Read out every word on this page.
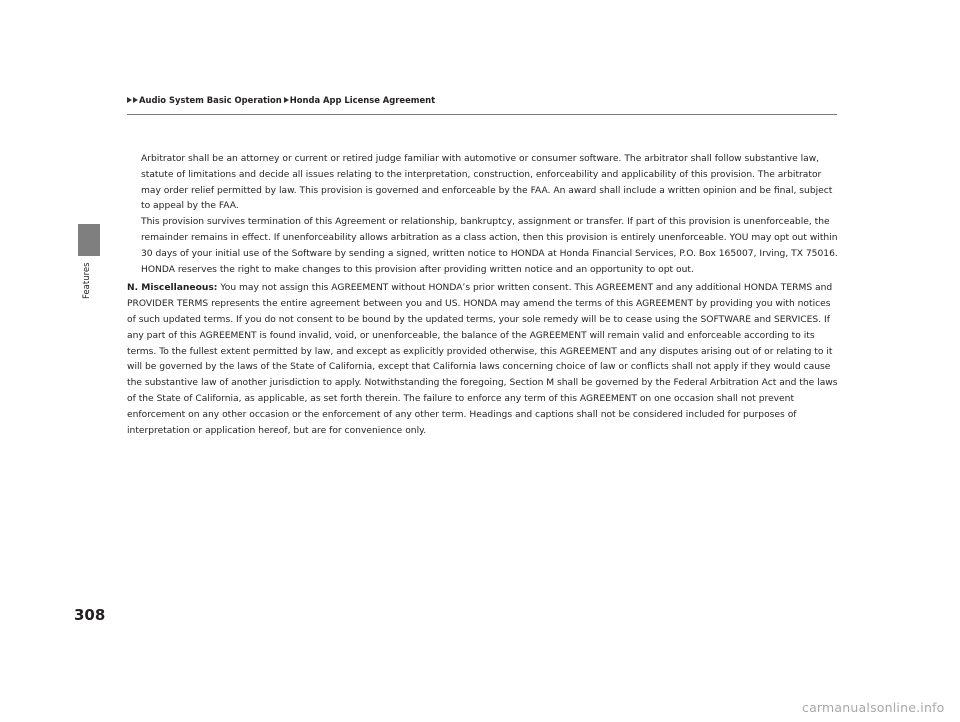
Audio System Basic Operation Honda App License Agreement
Features

Arbitrator shall be an attorney or current or retired judge familiar with automotive or consumer software. The arbitrator shall follow substantive law, statute of limitations and decide all issues relating to the interpretation, construction, enforceability and applicability of this provision. The arbitrator may order relief permitted by law. This provision is governed and enforceable by the FAA. An award shall include a written opinion and be final, subject to appeal by the FAA.

This provision survives termination of this Agreement or relationship, bankruptcy, assignment or transfer. If part of this provision is unenforceable, the remainder remains in effect. If unenforceability allows arbitration as a class action, then this provision is entirely unenforceable. YOU may opt out within 30 days of your initial use of the Software by sending a signed, written notice to HONDA at Honda Financial Services, P.O. Box 165007, Irving, TX 75016. HONDA reserves the right to make changes to this provision after providing written notice and an opportunity to opt out.

N. Miscellaneous: You may not assign this AGREEMENT without HONDA’s prior written consent. This AGREEMENT and any additional HONDA TERMS and PROVIDER TERMS represents the entire agreement between you and US. HONDA may amend the terms of this AGREEMENT by providing you with notices of such updated terms. If you do not consent to be bound by the updated terms, your sole remedy will be to cease using the SOFTWARE and SERVICES. If any part of this AGREEMENT is found invalid, void, or unenforceable, the balance of the AGREEMENT will remain valid and enforceable according to its terms. To the fullest extent permitted by law, and except as explicitly provided otherwise, this AGREEMENT and any disputes arising out of or relating to it will be governed by the laws of the State of California, except that California laws concerning choice of law or conflicts shall not apply if they would cause the substantive law of another jurisdiction to apply. Notwithstanding the foregoing, Section M shall be governed by the Federal Arbitration Act and the laws of the State of California, as applicable, as set forth therein. The failure to enforce any term of this AGREEMENT on one occasion shall not prevent enforcement on any other occasion or the enforcement of any other term. Headings and captions shall not be considered included for purposes of interpretation or application hereof, but are for convenience only.

308
carmanualsonline.info
